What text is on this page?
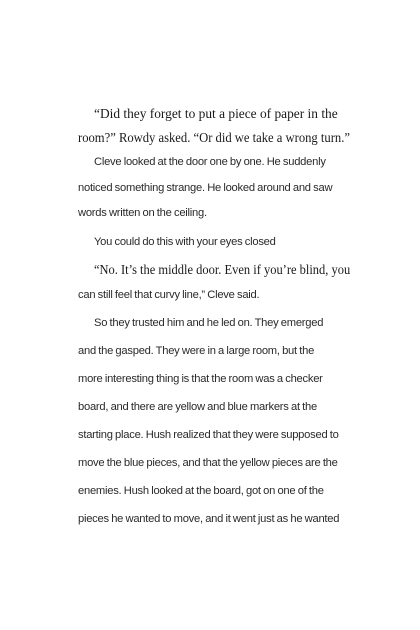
“Did they forget to put a piece of paper in the
room?” Rowdy asked. “Or did we take a wrong turn.”
Cleve looked at the door one by one. He suddenly
noticed something strange. He looked around and saw
words written on the ceiling.
You could do this with your eyes closed
“No. It’s the middle door. Even if you’re blind, you
can still feel that curvy line,” Cleve said.
So they trusted him and he led on. They emerged
and the gasped. They were in a large room, but the
more interesting thing is that the room was a checker
board, and there are yellow and blue markers at the
starting place. Hush realized that they were supposed to
move the blue pieces, and that the yellow pieces are the
enemies. Hush looked at the board, got on one of the
pieces he wanted to move, and it went just as he wanted
